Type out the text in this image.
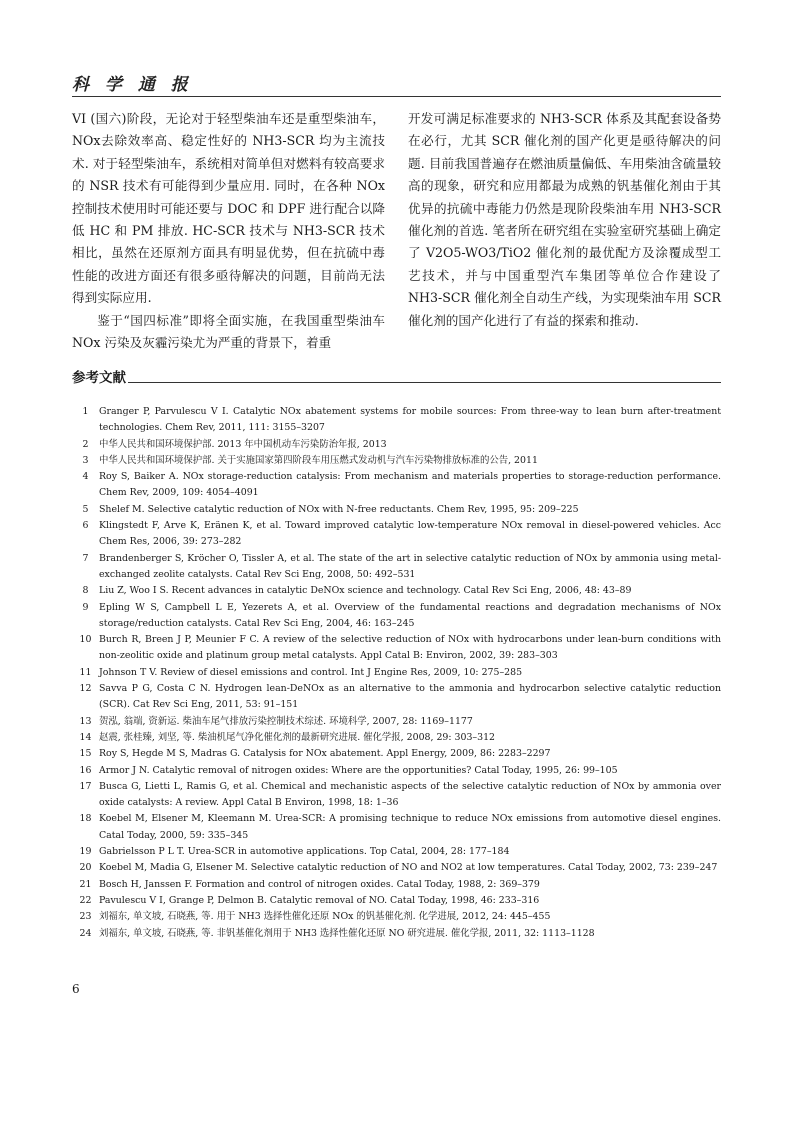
科 学 通 报

VI (国六)阶段，无论对于轻型柴油车还是重型柴油车，NOx去除效率高、稳定性好的 NH3-SCR 均为主流技术. 对于轻型柴油车，系统相对简单但对燃料有较高要求的 NSR 技术有可能得到少量应用. 同时，在各种 NOx 控制技术使用时可能还要与 DOC 和 DPF 进行配合以降低 HC 和 PM 排放. HC-SCR 技术与 NH3-SCR 技术相比，虽然在还原剂方面具有明显优势，但在抗硫中毒性能的改进方面还有很多亟待解决的问题，目前尚无法得到实际应用.

鉴于“国四标准”即将全面实施，在我国重型柴油车 NOx 污染及灰霾污染尤为严重的背景下，着重

开发可满足标准要求的 NH3-SCR 体系及其配套设备势在必行，尤其 SCR 催化剂的国产化更是亟待解决的问题. 目前我国普遍存在燃油质量偏低、车用柴油含硫量较高的现象，研究和应用都最为成熟的钒基催化剂由于其优异的抗硫中毒能力仍然是现阶段柴油车用 NH3-SCR 催化剂的首选. 笔者所在研究组在实验室研究基础上确定了 V2O5-WO3/TiO2 催化剂的最优配方及涂覆成型工艺技术，并与中国重型汽车集团等单位合作建设了 NH3-SCR 催化剂全自动生产线，为实现柴油车用 SCR 催化剂的国产化进行了有益的探索和推动.

参考文献
1	Granger P, Parvulescu V I. Catalytic NOx abatement systems for mobile sources: From three-way to lean burn after-treatment technologies. Chem Rev, 2011, 111: 3155–3207
2	中华人民共和国环境保护部. 2013 年中国机动车污染防治年报, 2013
3	中华人民共和国环境保护部. 关于实施国家第四阶段车用压燃式发动机与汽车污染物排放标准的公告, 2011
4	Roy S, Baiker A. NOx storage-reduction catalysis: From mechanism and materials properties to storage-reduction performance. Chem Rev, 2009, 109: 4054–4091
5	Shelef M. Selective catalytic reduction of NOx with N-free reductants. Chem Rev, 1995, 95: 209–225
6	Klingstedt F, Arve K, Eränen K, et al. Toward improved catalytic low-temperature NOx removal in diesel-powered vehicles. Acc Chem Res, 2006, 39: 273–282
7	Brandenberger S, Kröcher O, Tissler A, et al. The state of the art in selective catalytic reduction of NOx by ammonia using metal-exchanged zeolite catalysts. Catal Rev Sci Eng, 2008, 50: 492–531
8	Liu Z, Woo I S. Recent advances in catalytic DeNOx science and technology. Catal Rev Sci Eng, 2006, 48: 43–89
9	Epling W S, Campbell L E, Yezerets A, et al. Overview of the fundamental reactions and degradation mechanisms of NOx storage/reduction catalysts. Catal Rev Sci Eng, 2004, 46: 163–245
10 Burch R, Breen J P, Meunier F C. A review of the selective reduction of NOx with hydrocarbons under lean-burn conditions with non-zeolitic oxide and platinum group metal catalysts. Appl Catal B: Environ, 2002, 39: 283–303
11 Johnson T V. Review of diesel emissions and control. Int J Engine Res, 2009, 10: 275–285
12 Savva P G, Costa C N. Hydrogen lean-DeNOx as an alternative to the ammonia and hydrocarbon selective catalytic reduction (SCR). Cat Rev Sci Eng, 2011, 53: 91–151
13 贺泓, 翁端, 资新运. 柴油车尾气排放污染控制技术综述. 环境科学, 2007, 28: 1169–1177
14 赵震, 张桂臻, 刘坚, 等. 柴油机尾气净化催化剂的最新研究进展. 催化学报, 2008, 29: 303–312
15 Roy S, Hegde M S, Madras G. Catalysis for NOx abatement. Appl Energy, 2009, 86: 2283–2297
16 Armor J N. Catalytic removal of nitrogen oxides: Where are the opportunities? Catal Today, 1995, 26: 99–105
17 Busca G, Lietti L, Ramis G, et al. Chemical and mechanistic aspects of the selective catalytic reduction of NOx by ammonia over oxide catalysts: A review. Appl Catal B Environ, 1998, 18: 1–36
18 Koebel M, Elsener M, Kleemann M. Urea-SCR: A promising technique to reduce NOx emissions from automotive diesel engines. Catal Today, 2000, 59: 335–345
19 Gabrielsson P L T. Urea-SCR in automotive applications. Top Catal, 2004, 28: 177–184
20 Koebel M, Madia G, Elsener M. Selective catalytic reduction of NO and NO2 at low temperatures. Catal Today, 2002, 73: 239–247
21 Bosch H, Janssen F. Formation and control of nitrogen oxides. Catal Today, 1988, 2: 369–379
22 Pavulescu V I, Grange P, Delmon B. Catalytic removal of NO. Catal Today, 1998, 46: 233–316
23 刘福东, 单文坡, 石晓燕, 等. 用于 NH3 选择性催化还原 NOx 的钒基催化剂. 化学进展, 2012, 24: 445–455
24 刘福东, 单文坡, 石晓燕, 等. 非钒基催化剂用于 NH3 选择性催化还原 NO 研究进展. 催化学报, 2011, 32: 1113–1128
6
